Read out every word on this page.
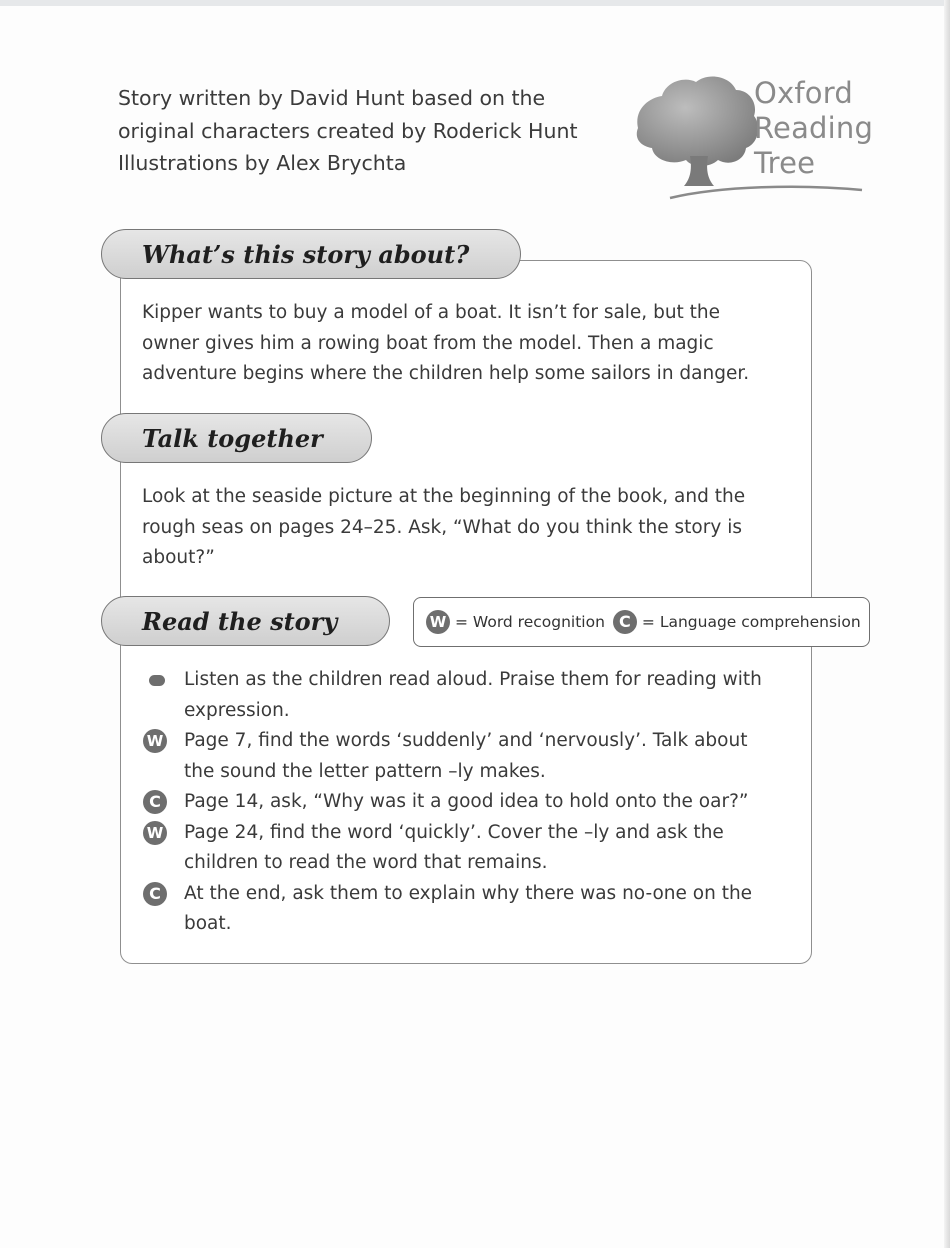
Story written by David Hunt based on the
original characters created by Roderick Hunt
Illustrations by Alex Brychta
Oxford
Reading
Tree
What’s this story about?
Kipper wants to buy a model of a boat. It isn’t for sale, but the
owner gives him a rowing boat from the model. Then a magic
adventure begins where the children help some sailors in danger.
Talk together
Look at the seaside picture at the beginning of the book, and the
rough seas on pages 24–25. Ask, “What do you think the story is
about?”
Read the story	W = Word recognition C = Language comprehension
Listen as the children read aloud. Praise them for reading with
expression.
W Page 7, find the words ‘suddenly’ and ‘nervously’. Talk about
the sound the letter pattern –ly makes.
C	Page 14, ask, “Why was it a good idea to hold onto the oar?”
W Page 24, find the word ‘quickly’. Cover the –ly and ask the
children to read the word that remains.
C	At the end, ask them to explain why there was no-one on the
boat.
